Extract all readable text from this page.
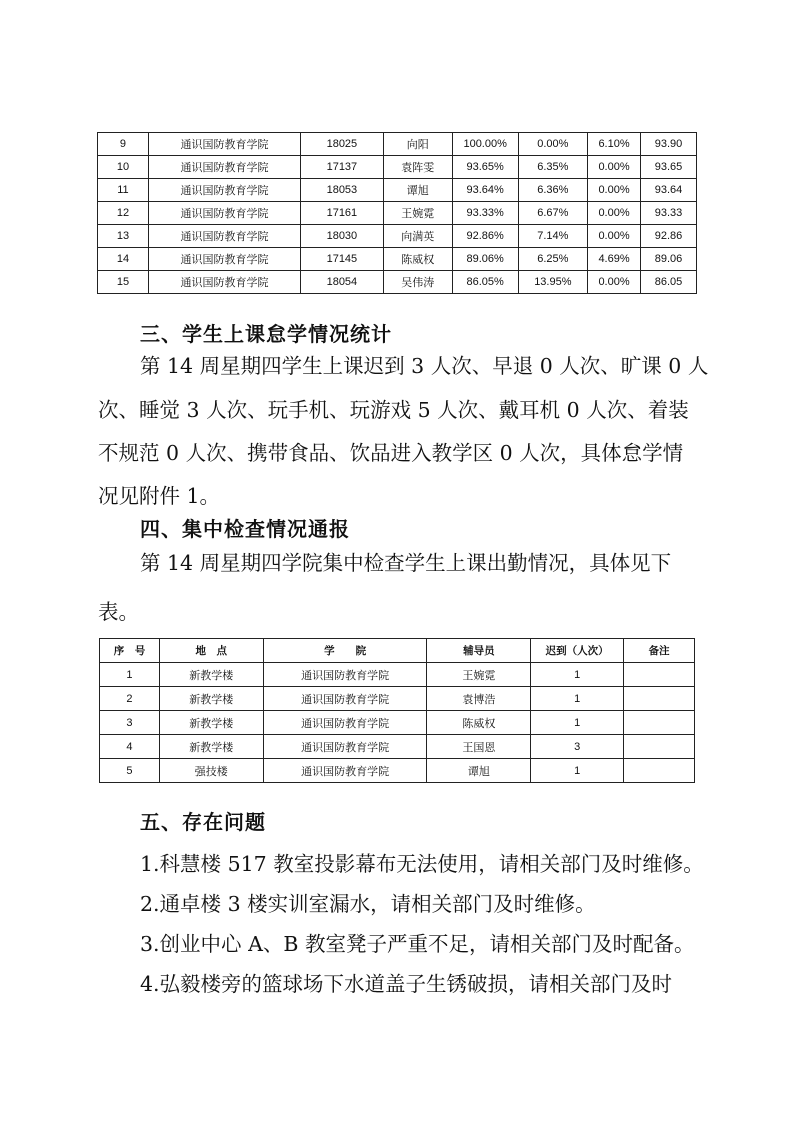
9	通识国防教育学院	18025	向阳	100.00%	0.00%	6.10%	93.90
10	通识国防教育学院	17137	袁阵雯	93.65%	6.35%	0.00%	93.65
11	通识国防教育学院	18053	谭旭	93.64%	6.36%	0.00%	93.64
12	通识国防教育学院	17161	王婉霓	93.33%	6.67%	0.00%	93.33
13	通识国防教育学院	18030	向满英	92.86%	7.14%	0.00%	92.86
14	通识国防教育学院	17145	陈威权	89.06%	6.25%	4.69%	89.06
15	通识国防教育学院	18054	吴伟涛	86.05%	13.95%	0.00%	86.05
三、学生上课怠学情况统计
第 14 周星期四学生上课迟到 3 人次、早退 0 人次、旷课 0 人
次、睡觉 3 人次、玩手机、玩游戏 5 人次、戴耳机 0 人次、着装
不规范 0 人次、携带食品、饮品进入教学区 0 人次，具体怠学情
况见附件 1。
四、集中检查情况通报
第 14 周星期四学院集中检查学生上课出勤情况，具体见下
表。
序　号	地　点	学　　院	辅导员	迟到（人次）	备注
1	新教学楼	通识国防教育学院	王婉霓	1	
2	新教学楼	通识国防教育学院	袁博浩	1	
3	新教学楼	通识国防教育学院	陈威权	1	
4	新教学楼	通识国防教育学院	王国恩	3	
5	强技楼	通识国防教育学院	谭旭	1	
五、存在问题
1.科慧楼 517 教室投影幕布无法使用，请相关部门及时维修。
2.通卓楼 3 楼实训室漏水，请相关部门及时维修。
3.创业中心 A、B 教室凳子严重不足，请相关部门及时配备。
4.弘毅楼旁的篮球场下水道盖子生锈破损，请相关部门及时
